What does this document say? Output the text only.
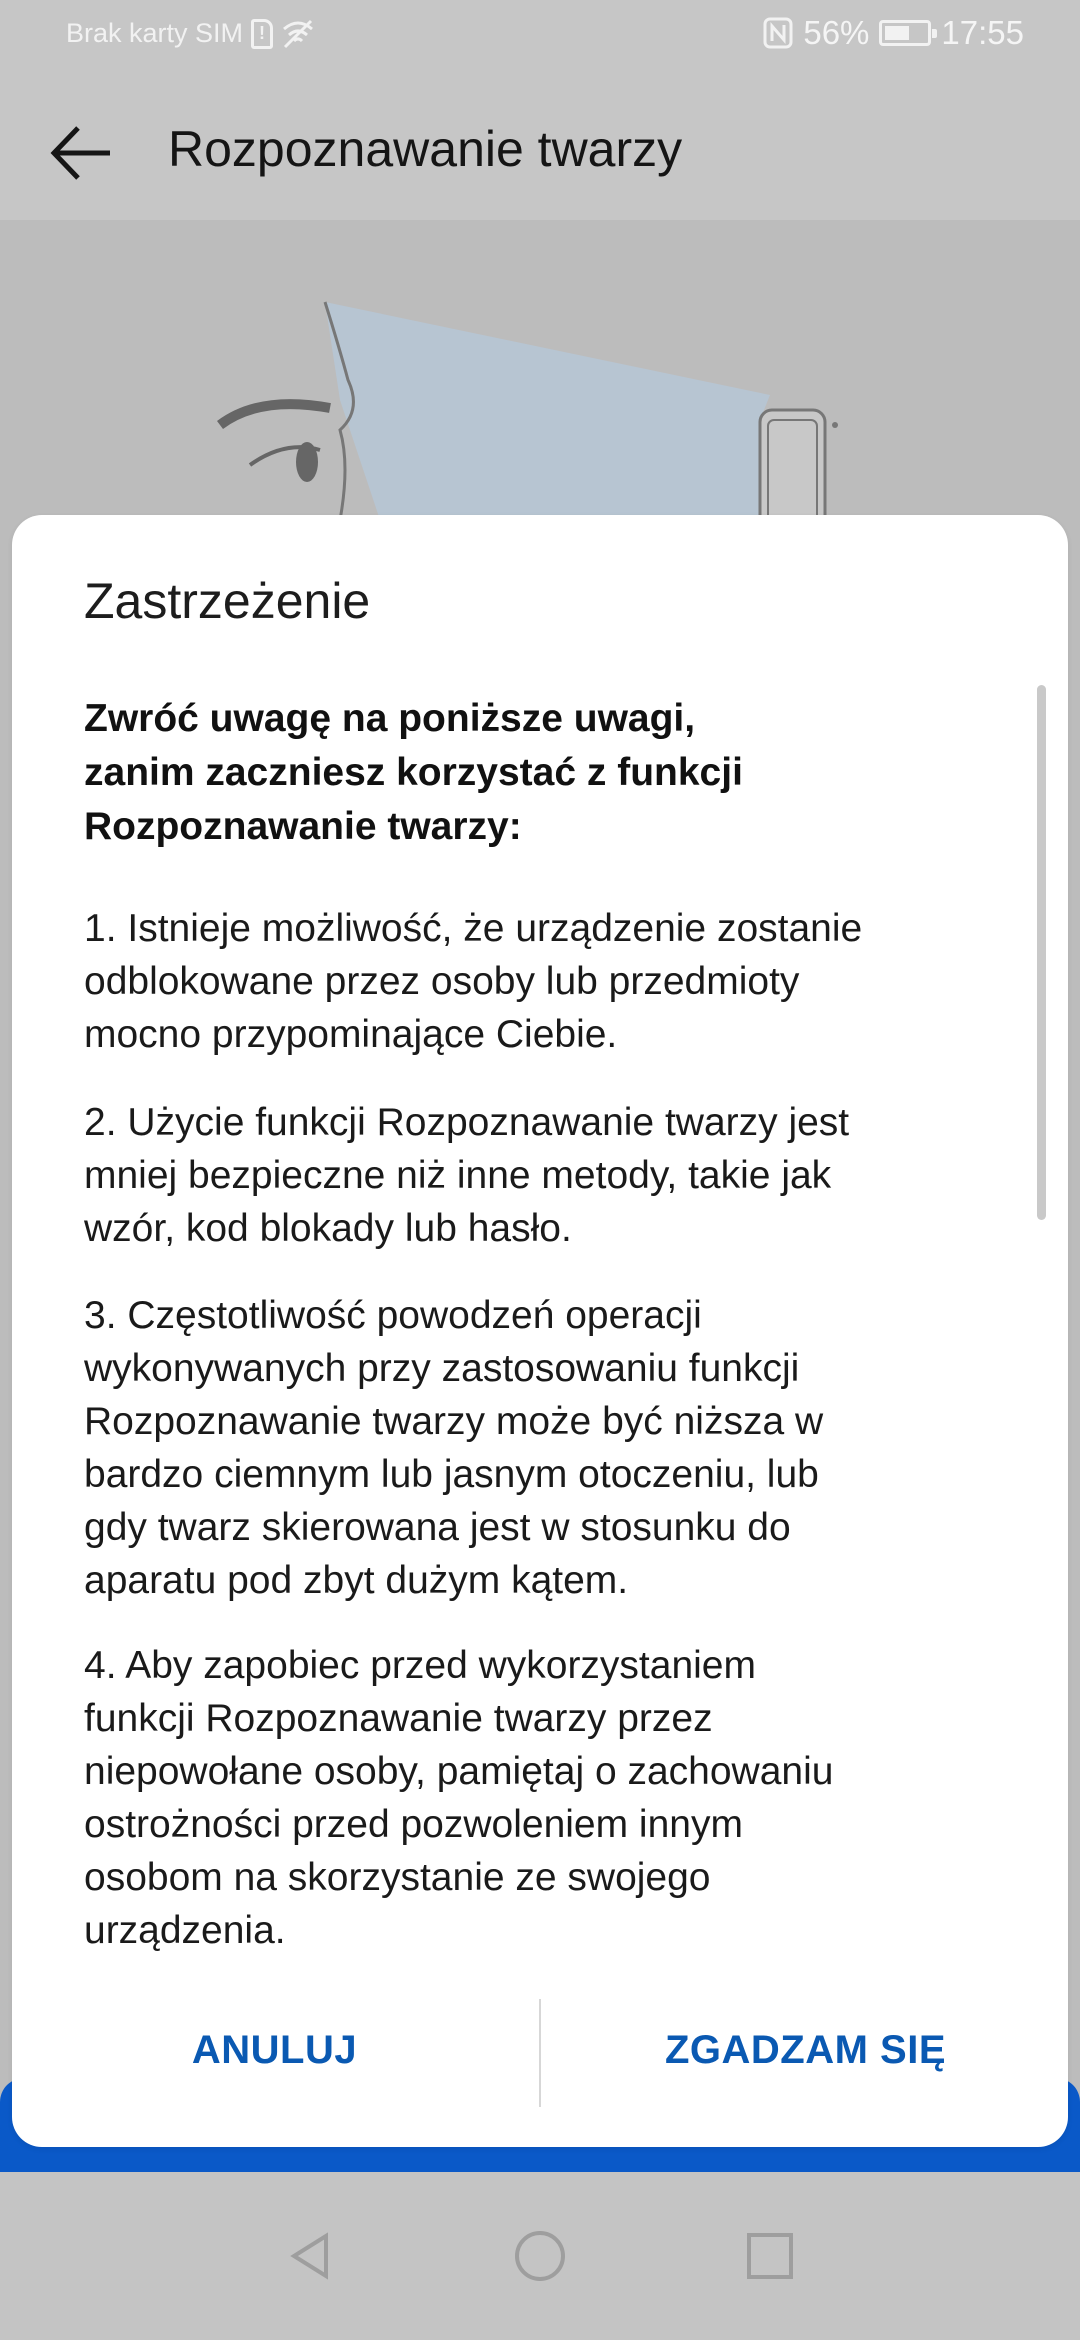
Brak karty SIM !	56% 17:55
Rozpoznawanie twarzy
Zastrzeżenie

Zwróć uwagę na poniższe uwagi,
zanim zaczniesz korzystać z funkcji
Rozpoznawanie twarzy:

1. Istnieje możliwość, że urządzenie zostanie
odblokowane przez osoby lub przedmioty
mocno przypominające Ciebie.

2. Użycie funkcji Rozpoznawanie twarzy jest
mniej bezpieczne niż inne metody, takie jak
wzór, kod blokady lub hasło.

3. Częstotliwość powodzeń operacji
wykonywanych przy zastosowaniu funkcji
Rozpoznawanie twarzy może być niższa w
bardzo ciemnym lub jasnym otoczeniu, lub
gdy twarz skierowana jest w stosunku do
aparatu pod zbyt dużym kątem.

4. Aby zapobiec przed wykorzystaniem
funkcji Rozpoznawanie twarzy przez
niepowołane osoby, pamiętaj o zachowaniu
ostrożności przed pozwoleniem innym
osobom na skorzystanie ze swojego
urządzenia.

ANULUJ	ZGADZAM SIĘ
